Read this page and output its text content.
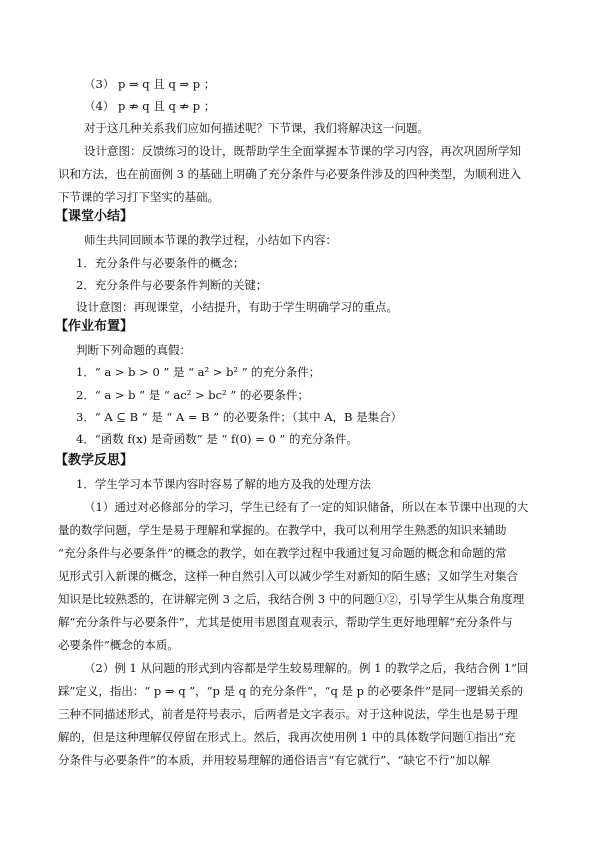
（3） p ⇒ q 且 q ⇒ p ；
（4） p ⇏ q 且 q ⇏ p ；
对于这几种关系我们应如何描述呢？下节课，我们将解决这一问题。
设计意图：反馈练习的设计，既帮助学生全面掌握本节课的学习内容，再次巩固所学知
识和方法，也在前面例 3 的基础上明确了充分条件与必要条件涉及的四种类型，为顺利进入
下节课的学习打下坚实的基础。
【课堂小结】
师生共同回顾本节课的教学过程，小结如下内容：
1．充分条件与必要条件的概念；
2．充分条件与必要条件判断的关键；
设计意图：再现课堂，小结提升，有助于学生明确学习的重点。
【作业布置】
判断下列命题的真假：
1．“ a > b > 0 ” 是 “ a² > b² ” 的充分条件；
2．“ a > b ” 是 “ ac² > bc² ” 的必要条件；
3．“ A ⊆ B ” 是 “ A = B ” 的必要条件；（其中 A，B 是集合）
4．“函数 f(x) 是奇函数” 是 “ f(0) = 0 ” 的充分条件。
【教学反思】
1．学生学习本节课内容时容易了解的地方及我的处理方法
（1）通过对必修部分的学习，学生已经有了一定的知识储备，所以在本节课中出现的大
量的数学问题，学生是易于理解和掌握的。在教学中，我可以利用学生熟悉的知识来辅助
“充分条件与必要条件”的概念的教学，如在教学过程中我通过复习命题的概念和命题的常
见形式引入新课的概念，这样一种自然引入可以减少学生对新知的陌生感；又如学生对集合
知识是比较熟悉的，在讲解完例 3 之后，我结合例 3 中的问题①②，引导学生从集合角度理
解“充分条件与必要条件”，尤其是使用韦恩图直观表示，帮助学生更好地理解“充分条件与
必要条件”概念的本质。
（2）例 1 从问题的形式到内容都是学生较易理解的。例 1 的教学之后，我结合例 1“回
踩”定义，指出：“ p ⇒ q ”，“p 是 q 的充分条件”，“q 是 p 的必要条件”是同一逻辑关系的
三种不同描述形式，前者是符号表示，后两者是文字表示。对于这种说法，学生也是易于理
解的，但是这种理解仅停留在形式上。然后，我再次使用例 1 中的具体数学问题①指出“充
分条件与必要条件”的本质，并用较易理解的通俗语言“有它就行”、“缺它不行”加以解
